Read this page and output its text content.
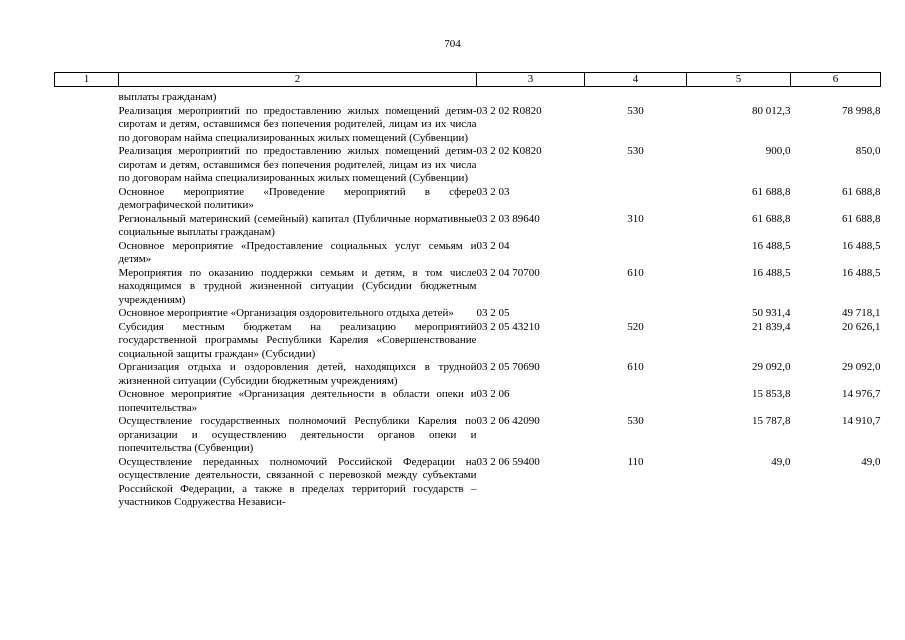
704
1	2	3	4	5	6
	выплаты гражданам)				
	Реализация мероприятий по предоставлению жилых помещений детям-сиротам и детям, оставшимся без попечения родителей, лицам из их числа по договорам найма специализированных жилых помещений (Субвенции)	03 2 02 R0820	530	80 012,3	78 998,8
	Реализация мероприятий по предоставлению жилых помещений детям-сиротам и детям, оставшимся без попечения родителей, лицам из их числа по договорам найма специализированных жилых помещений (Субвенции)	03 2 02 К0820	530	900,0	850,0
	Основное мероприятие «Проведение мероприятий в сфере демографической политики»	03 2 03		61 688,8	61 688,8
	Региональный материнский (семейный) капитал (Публичные нормативные социальные выплаты гражданам)	03 2 03 89640	310	61 688,8	61 688,8
	Основное мероприятие «Предоставление социальных услуг семьям и детям»	03 2 04		16 488,5	16 488,5
	Мероприятия по оказанию поддержки семьям и детям, в том числе находящимся в трудной жизненной ситуации (Субсидии бюджетным учреждениям)	03 2 04 70700	610	16 488,5	16 488,5
	Основное мероприятие «Организация оздоровительного отдыха детей»	03 2 05		50 931,4	49 718,1
	Субсидия местным бюджетам на реализацию мероприятий государственной программы Республики Карелия «Совершенствование социальной защиты граждан» (Субсидии)	03 2 05 43210	520	21 839,4	20 626,1
	Организация отдыха и оздоровления детей, находящихся в трудной жизненной ситуации (Субсидии бюджетным учреждениям)	03 2 05 70690	610	29 092,0	29 092,0
	Основное мероприятие «Организация деятельности в области опеки и попечительства»	03 2 06		15 853,8	14 976,7
	Осуществление государственных полномочий Республики Карелия по организации и осуществлению деятельности органов опеки и попечительства (Субвенции)	03 2 06 42090	530	15 787,8	14 910,7
	Осуществление переданных полномочий Российской Федерации на осуществление деятельности, связанной с перевозкой между субъектами Российской Федерации, а также в пределах территорий государств – участников Содружества Независи-	03 2 06 59400	110	49,0	49,0
